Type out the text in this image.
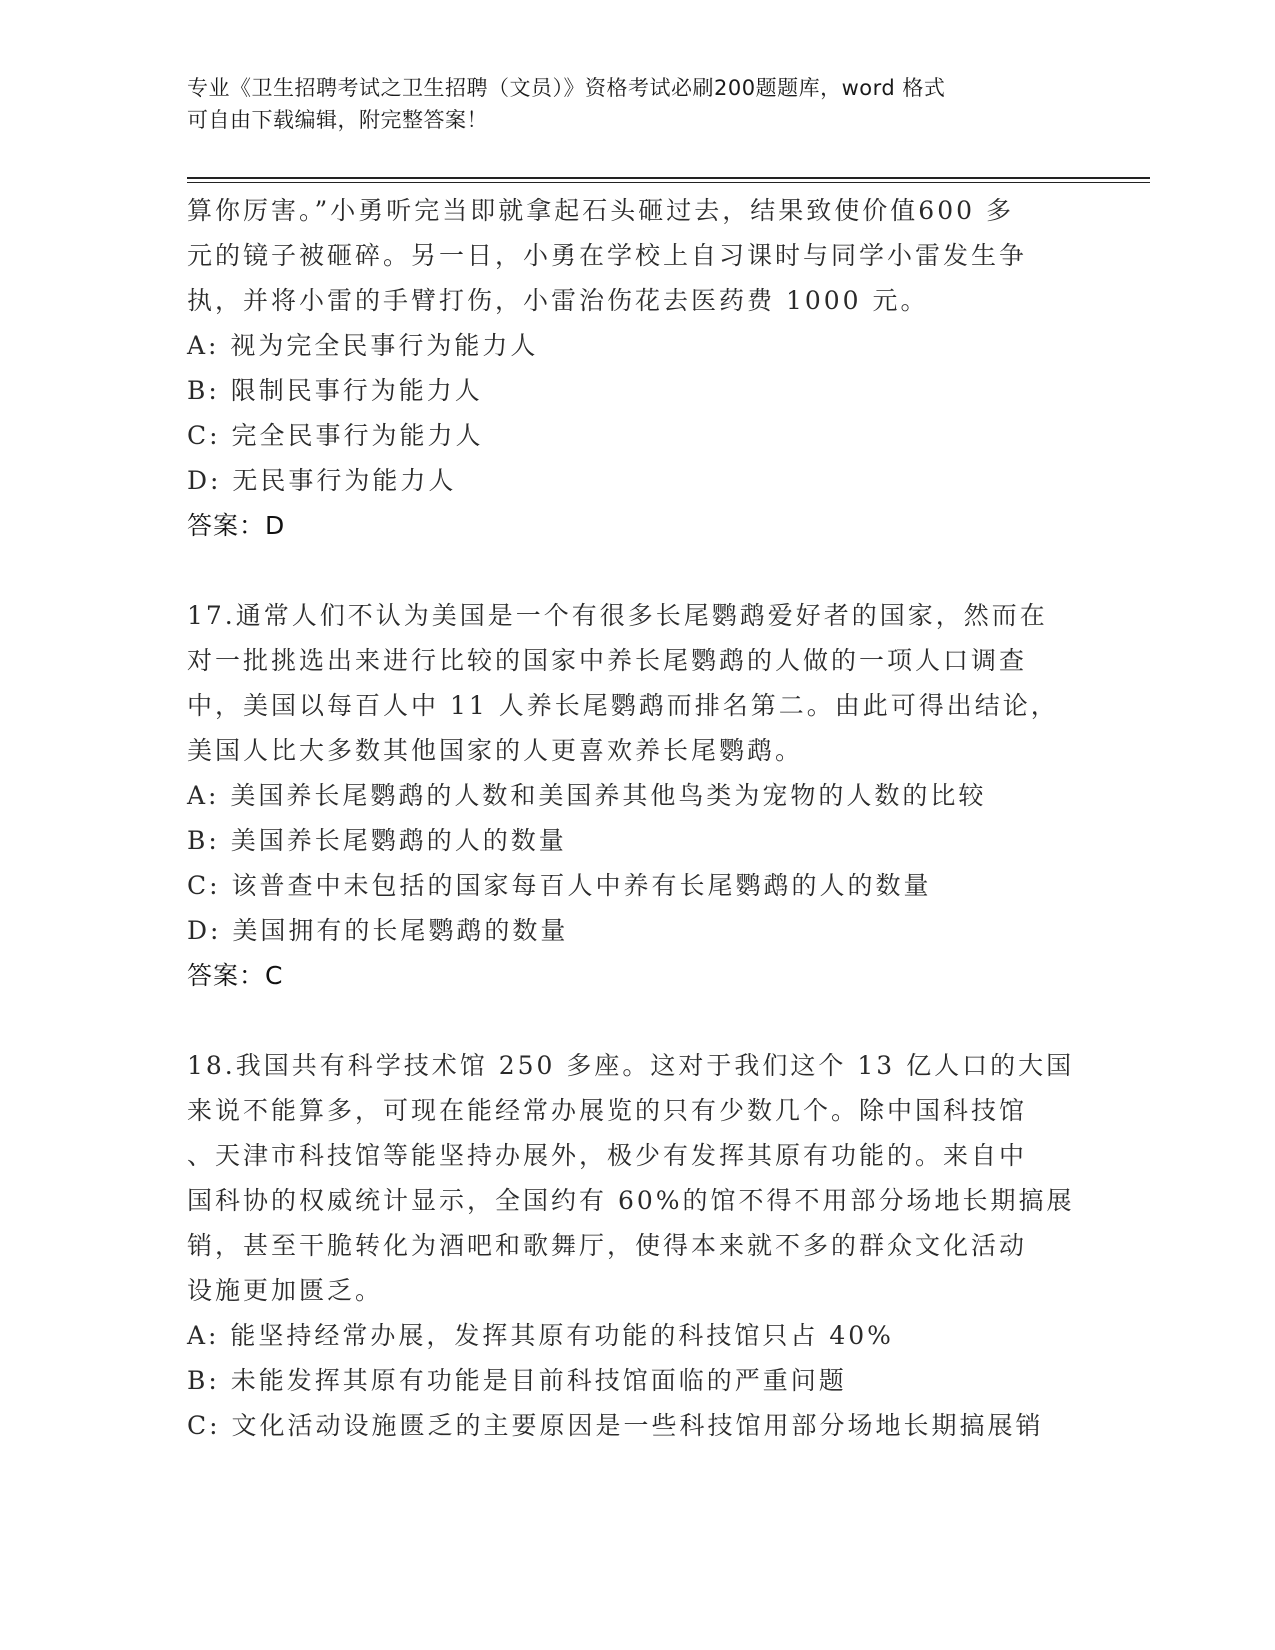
专业《卫生招聘考试之卫生招聘（文员）》资格考试必刷200题题库，word 格式
可自由下载编辑，附完整答案！
算你厉害。”小勇听完当即就拿起石头砸过去，结果致使价值600 多
元的镜子被砸碎。另一日，小勇在学校上自习课时与同学小雷发生争
执，并将小雷的手臂打伤，小雷治伤花去医药费 1000 元。
A: 视为完全民事行为能力人
B: 限制民事行为能力人
C: 完全民事行为能力人
D: 无民事行为能力人
答案：D
17.通常人们不认为美国是一个有很多长尾鹦鹉爱好者的国家，然而在
对一批挑选出来进行比较的国家中养长尾鹦鹉的人做的一项人口调查
中，美国以每百人中 11 人养长尾鹦鹉而排名第二。由此可得出结论，
美国人比大多数其他国家的人更喜欢养长尾鹦鹉。
A: 美国养长尾鹦鹉的人数和美国养其他鸟类为宠物的人数的比较
B: 美国养长尾鹦鹉的人的数量
C: 该普查中未包括的国家每百人中养有长尾鹦鹉的人的数量
D: 美国拥有的长尾鹦鹉的数量
答案：C
18.我国共有科学技术馆 250 多座。这对于我们这个 13 亿人口的大国
来说不能算多，可现在能经常办展览的只有少数几个。除中国科技馆
、天津市科技馆等能坚持办展外，极少有发挥其原有功能的。来自中
国科协的权威统计显示，全国约有 60%的馆不得不用部分场地长期搞展
销，甚至干脆转化为酒吧和歌舞厅，使得本来就不多的群众文化活动
设施更加匮乏。
A: 能坚持经常办展，发挥其原有功能的科技馆只占 40%
B: 未能发挥其原有功能是目前科技馆面临的严重问题
C: 文化活动设施匮乏的主要原因是一些科技馆用部分场地长期搞展销
